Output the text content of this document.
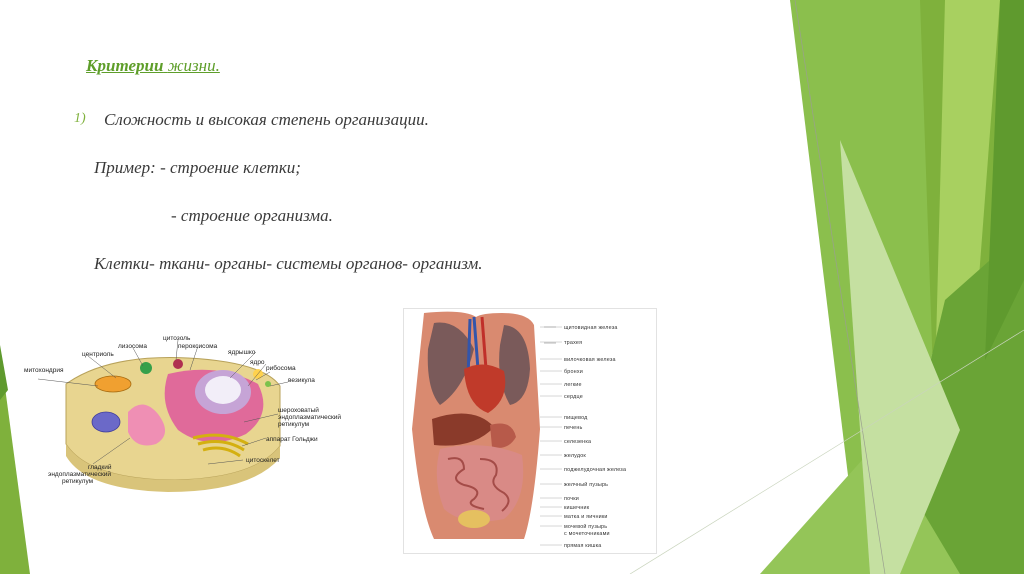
Критерии жизни.
1) Сложность и высокая степень организации.
Пример: - строение клетки;
- строение организма.
Клетки- ткани- органы- системы органов- организм.
цитозоль
лизосома	пероксисома
ядрышко
центриоль
ядро
рибосома
митохондрия
везикула
шероховатый
эндоплазматический
ретикулум
аппарат Гольджи
цитоскелет
гладкий
эндоплазматический
ретикулум
щитовидная железа
трахея
вилочковая железа
бронхи
легкие
сердце
пищевод
печень
селезенка
желудок
поджелудочная железа
желчный пузырь
почки
кишечник
матка и яичники
мочевой пузырь
с мочеточниками
прямая кишка
